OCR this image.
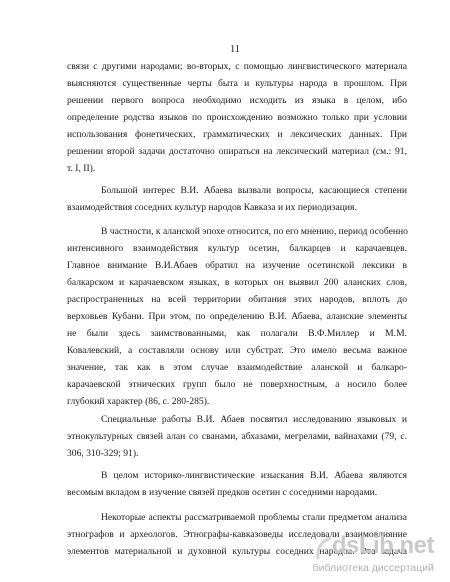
11
связи с другими народами; во-вторых, с помощью лингвистического материала
выясняются существенные черты быта и культуры народа в прошлом. При
решении первого вопроса необходимо исходить из языка в целом, ибо
определение родства языков по происхождению возможно только при условии
использования фонетических, грамматических и лексических данных. При
решении второй задачи достаточно опираться на лексический материал (см.: 91,
т. I, II).
Большой интерес В.И. Абаева вызвали вопросы, касающиеся степени
взаимодействия соседних культур народов Кавказа и их периодизация.
В частности, к аланской эпохе относится, по его мнению, период особенно
интенсивного взаимодействия культур осетин, балкарцев и карачаевцев.
Главное внимание В.И.Абаев обратил на изучение осетинской лексики в
балкарском и карачаевском языках, в которых он выявил 200 аланских слов,
распространенных на всей территории обитания этих народов, вплоть до
верховьев Кубани. При этом, по определению В.И. Абаева, аланские элементы
не были здесь заимствованными, как полагали В.Ф.Миллер и М.М.
Ковалевский, а составляли основу или субстрат. Это имело весьма важное
значение, так как в этом случае взаимодействие аланской и балкаро-
карачаевской этнических групп было не поверхностным, а носило более
глубокий характер (86, с. 280-285).
Специальные работы В.И. Абаев посвятил исследованию языковых и
этнокультурных связей алан со сванами, абхазами, мегрелами, вайнахами (79, с.
306, 310-329; 91).
В целом историко-лингвистические изыскания В.И. Абаева являются
весомым вкладом в изучение связей предков осетин с соседними народами.
Некоторые аспекты рассматриваемой проблемы стали предметом анализа
этнографов и археологов. Этнографы-кавказоведы исследовали взаимовлияние
элементов материальной и духовной культуры соседних народов. Эта задача
dsLib.net
библиотека диссертаций
